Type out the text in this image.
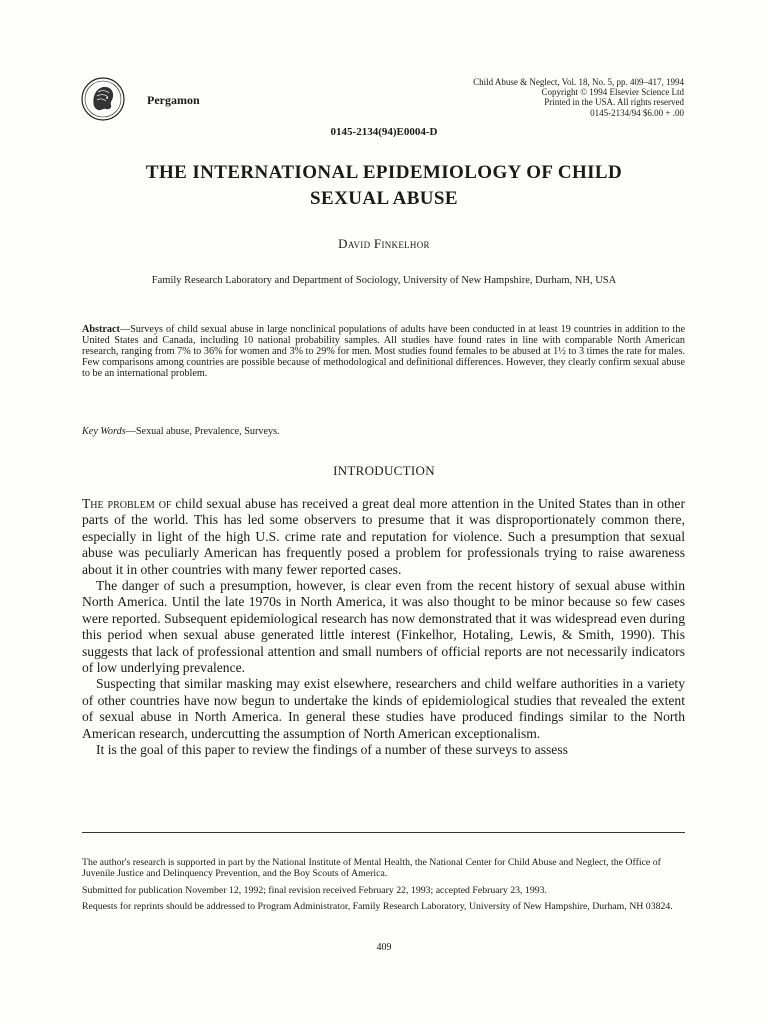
Pergamon
Child Abuse & Neglect, Vol. 18, No. 5, pp. 409–417, 1994
Copyright © 1994 Elsevier Science Ltd
Printed in the USA. All rights reserved
0145-2134/94 $6.00 + .00
0145-2134(94)E0004-D
THE INTERNATIONAL EPIDEMIOLOGY OF CHILD
SEXUAL ABUSE
David Finkelhor
Family Research Laboratory and Department of Sociology, University of New Hampshire, Durham, NH, USA
Abstract—Surveys of child sexual abuse in large nonclinical populations of adults have been conducted in at least 19 countries in addition to the United States and Canada, including 10 national probability samples. All studies have found rates in line with comparable North American research, ranging from 7% to 36% for women and 3% to 29% for men. Most studies found females to be abused at 1½ to 3 times the rate for males. Few comparisons among countries are possible because of methodological and definitional differences. However, they clearly confirm sexual abuse to be an international problem.
Key Words—Sexual abuse, Prevalence, Surveys.
INTRODUCTION

The problem of child sexual abuse has received a great deal more attention in the United States than in other parts of the world. This has led some observers to presume that it was disproportionately common there, especially in light of the high U.S. crime rate and reputation for violence. Such a presumption that sexual abuse was peculiarly American has frequently posed a problem for professionals trying to raise awareness about it in other countries with many fewer reported cases.

The danger of such a presumption, however, is clear even from the recent history of sexual abuse within North America. Until the late 1970s in North America, it was also thought to be minor because so few cases were reported. Subsequent epidemiological research has now demonstrated that it was widespread even during this period when sexual abuse generated little interest (Finkelhor, Hotaling, Lewis, & Smith, 1990). This suggests that lack of professional attention and small numbers of official reports are not necessarily indicators of low underlying prevalence.

Suspecting that similar masking may exist elsewhere, researchers and child welfare authorities in a variety of other countries have now begun to undertake the kinds of epidemiological studies that revealed the extent of sexual abuse in North America. In general these studies have produced findings similar to the North American research, undercutting the assumption of North American exceptionalism.

It is the goal of this paper to review the findings of a number of these surveys to assess

The author's research is supported in part by the National Institute of Mental Health, the National Center for Child Abuse and Neglect, the Office of Juvenile Justice and Delinquency Prevention, and the Boy Scouts of America.

Submitted for publication November 12, 1992; final revision received February 22, 1993; accepted February 23, 1993.

Requests for reprints should be addressed to Program Administrator, Family Research Laboratory, University of New Hampshire, Durham, NH 03824.

409
